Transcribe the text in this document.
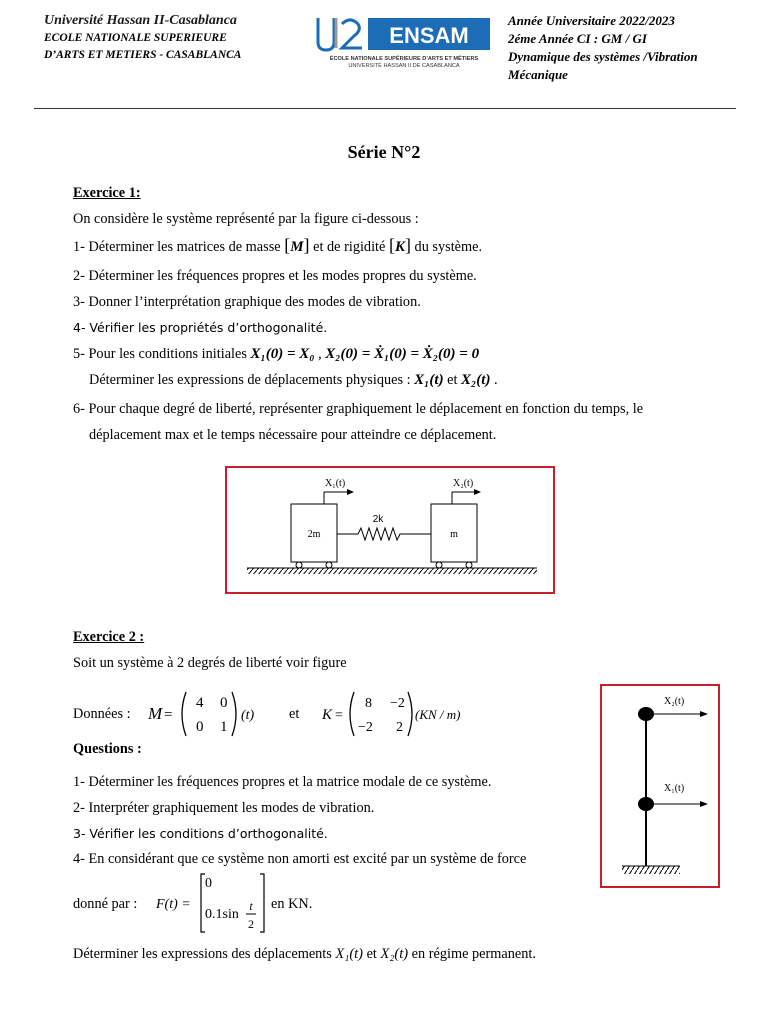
Université Hassan II-Casablanca
ECOLE NATIONALE SUPERIEURE
D’ARTS ET METIERS - CASABLANCA
ENSAM
ÉCOLE NATIONALE SUPÉRIEURE D’ARTS ET MÉTIERS
UNIVERSITÉ HASSAN II DE CASABLANCA
Année Universitaire 2022/2023
2éme Année CI : GM / GI
Dynamique des systèmes /Vibration
Mécanique
Série N°2
Exercice 1:
On considère le système représenté par la figure ci-dessous :
1- Déterminer les matrices de masse [M] et de rigidité [K] du système.
2- Déterminer les fréquences propres et les modes propres du système.
3- Donner l’interprétation graphique des modes de vibration.
4- Vérifier les propriétés d’orthogonalité.
5- Pour les conditions initiales X₁(0) = X₀ , X₂(0) = Ẋ₁(0) = Ẋ₂(0) = 0
Déterminer les expressions de déplacements physiques : X₁(t) et X₂(t) .
6- Pour chaque degré de liberté, représenter graphiquement le déplacement en fonction du temps, le
déplacement max et le temps nécessaire pour atteindre ce déplacement.
X₁(t)	X₂(t)
2m	m
2k
Exercice 2 :
Soit un système à 2 degrés de liberté voir figure
Données : M =
4 0
0 1
(t) et K =
8 −2
−2 2
(KN / m)
Questions :
1- Déterminer les fréquences propres et la matrice modale de ce système.
2- Interpréter graphiquement les modes de vibration.
3- Vérifier les conditions d’orthogonalité.
4- En considérant que ce système non amorti est excité par un système de force
donné par : F(t) =
0
0.1sin
t
2
en KN.
Déterminer les expressions des déplacements X₁(t) et X₂(t) en régime permanent.
X₂(t)
X₁(t)
